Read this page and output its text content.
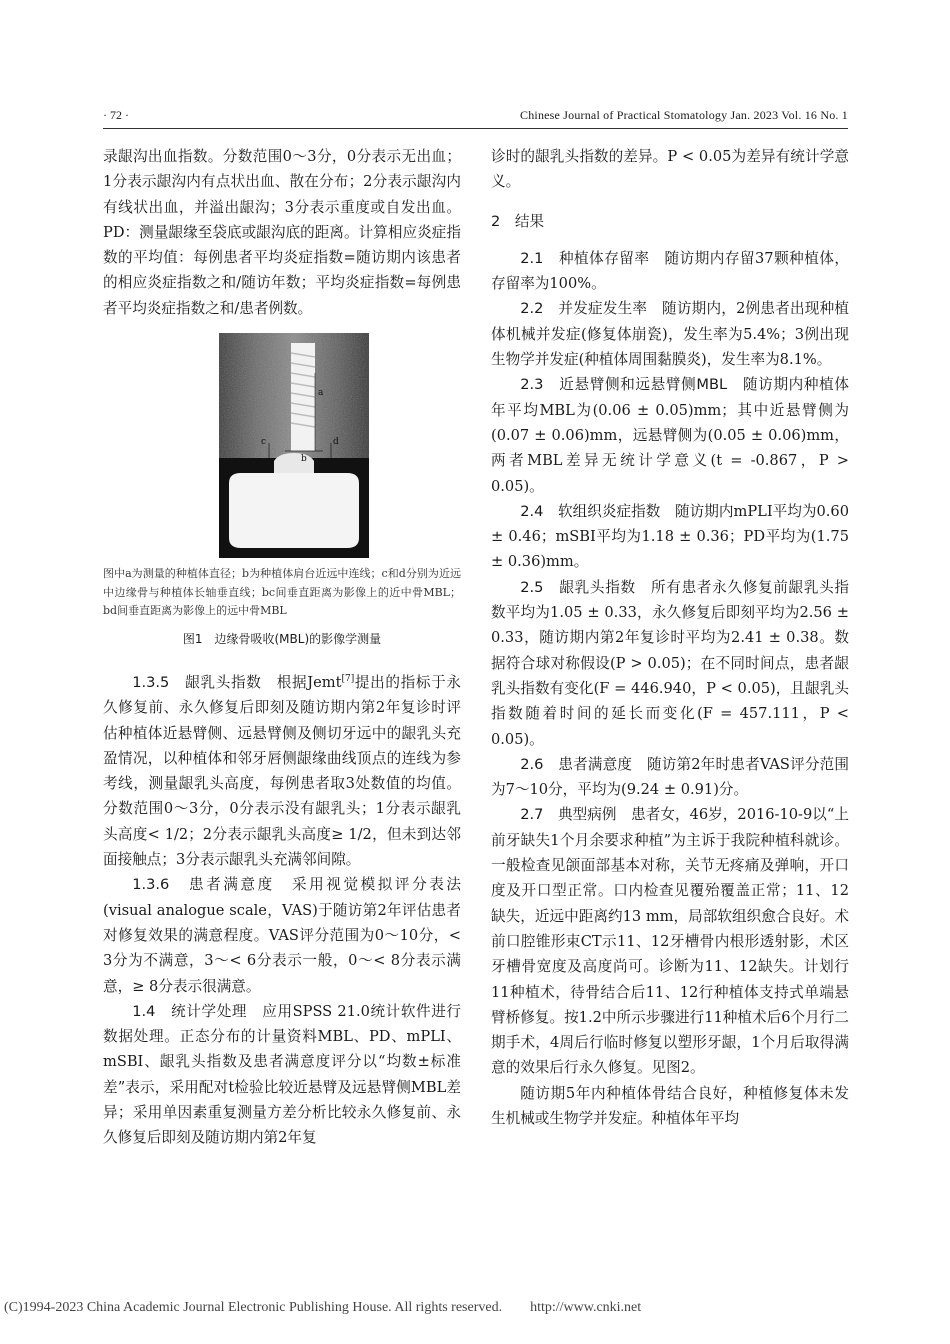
· 72 ·	Chinese Journal of Practical Stomatology Jan. 2023 Vol. 16 No. 1

录龈沟出血指数。分数范围0～3分，0分表示无出血；1分表示龈沟内有点状出血、散在分布；2分表示龈沟内有线状出血，并溢出龈沟；3分表示重度或自发出血。PD：测量龈缘至袋底或龈沟底的距离。计算相应炎症指数的平均值：每例患者平均炎症指数=随访期内该患者的相应炎症指数之和/随访年数；平均炎症指数=每例患者平均炎症指数之和/患者例数。

a
b
c	d
图中a为测量的种植体直径；b为种植体肩台近远中连线；c和d分别为近远中边缘骨与种植体长轴垂直线；bc间垂直距离为影像上的近中骨MBL；bd间垂直距离为影像上的远中骨MBL
图1　边缘骨吸收(MBL)的影像学测量

1.3.5　龈乳头指数　 根据Jemt[7]提出的指标于永久修复前、永久修复后即刻及随访期内第2年复诊时评估种植体近悬臂侧、远悬臂侧及侧切牙远中的龈乳头充盈情况，以种植体和邻牙唇侧龈缘曲线顶点的连线为参考线，测量龈乳头高度，每例患者取3处数值的均值。分数范围0～3分，0分表示没有龈乳头；1分表示龈乳头高度< 1/2；2分表示龈乳头高度≥ 1/2，但未到达邻面接触点；3分表示龈乳头充满邻间隙。

1.3.6　患者满意度　 采用视觉模拟评分表法(visual analogue scale，VAS)于随访第2年评估患者对修复效果的满意程度。VAS评分范围为0～10分，< 3分为不满意，3～< 6分表示一般，0～< 8分表示满意，≥ 8分表示很满意。

1.4　统计学处理　 应用SPSS 21.0统计软件进行数据处理。正态分布的计量资料MBL、PD、mPLI、mSBI、龈乳头指数及患者满意度评分以“均数±标准差”表示，采用配对t检验比较近悬臂及远悬臂侧MBL差异；采用单因素重复测量方差分析比较永久修复前、永久修复后即刻及随访期内第2年复

诊时的龈乳头指数的差异。P < 0.05为差异有统计学意义。

2　结果

2.1　种植体存留率　 随访期内存留37颗种植体，存留率为100%。

2.2　并发症发生率　 随访期内，2例患者出现种植体机械并发症(修复体崩瓷)，发生率为5.4%；3例出现生物学并发症(种植体周围黏膜炎)，发生率为8.1%。

2.3　近悬臂侧和远悬臂侧MBL　 随访期内种植体年平均MBL为(0.06 ± 0.05)mm；其中近悬臂侧为(0.07 ± 0.06)mm，远悬臂侧为(0.05 ± 0.06)mm，两者MBL差异无统计学意义(t = -0.867，P > 0.05)。

2.4　软组织炎症指数　 随访期内mPLI平均为0.60 ± 0.46；mSBI平均为1.18 ± 0.36；PD平均为(1.75 ± 0.36)mm。

2.5　龈乳头指数　 所有患者永久修复前龈乳头指数平均为1.05 ± 0.33，永久修复后即刻平均为2.56 ± 0.33，随访期内第2年复诊时平均为2.41 ± 0.38。数据符合球对称假设(P > 0.05)；在不同时间点，患者龈乳头指数有变化(F = 446.940，P < 0.05)，且龈乳头指数随着时间的延长而变化(F = 457.111，P < 0.05)。

2.6　患者满意度　 随访第2年时患者VAS评分范围为7～10分，平均为(9.24 ± 0.91)分。

2.7　典型病例　 患者女，46岁，2016-10-9以“上前牙缺失1个月余要求种植”为主诉于我院种植科就诊。一般检查见颌面部基本对称，关节无疼痛及弹响，开口度及开口型正常。口内检查见覆殆覆盖正常；11、12缺失，近远中距离约13 mm，局部软组织愈合良好。术前口腔锥形束CT示11、12牙槽骨内根形透射影，术区牙槽骨宽度及高度尚可。诊断为11、12缺失。计划行11种植术，待骨结合后11、12行种植体支持式单端悬臂桥修复。按1.2中所示步骤进行11种植术后6个月行二期手术，4周后行临时修复以塑形牙龈，1个月后取得满意的效果后行永久修复。见图2。

随访期5年内种植体骨结合良好，种植修复体未发生机械或生物学并发症。种植体年平均

(C)1994-2023 China Academic Journal Electronic Publishing House. All rights reserved.　　http://www.cnki.net
